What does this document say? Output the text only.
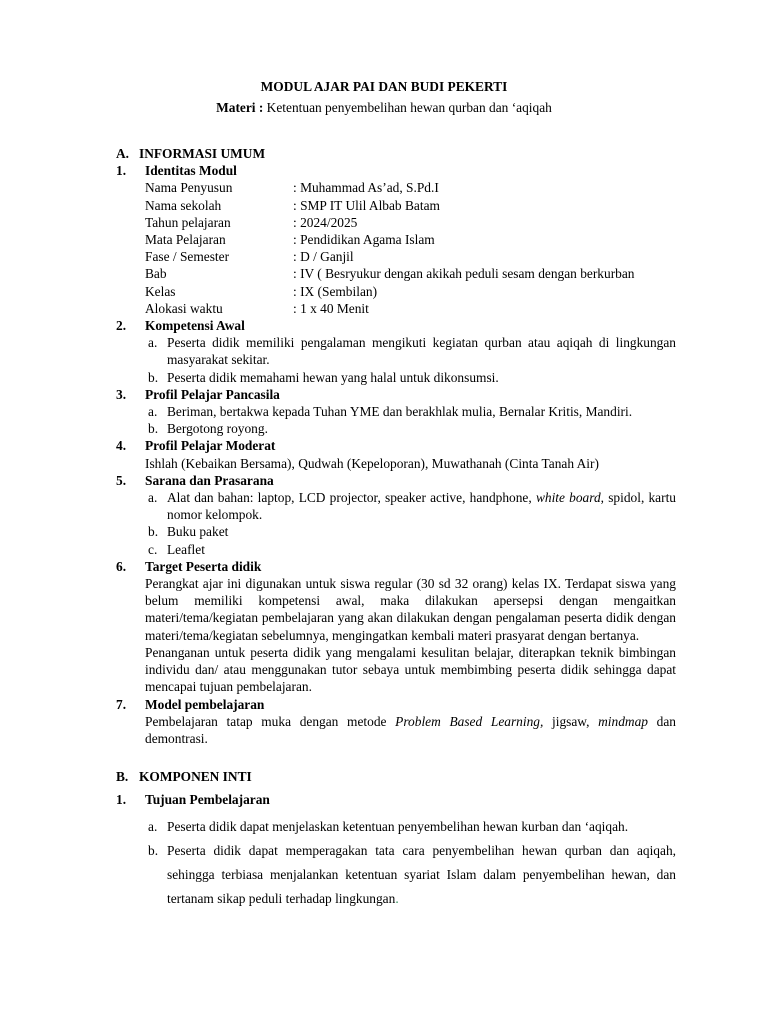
MODUL AJAR PAI DAN BUDI PEKERTI
Materi : Ketentuan penyembelihan hewan qurban dan ‘aqiqah
A. INFORMASI UMUM
1.	Identitas Modul
Nama Penyusun	: Muhammad As’ad, S.Pd.I
Nama sekolah	: SMP IT Ulil Albab Batam
Tahun pelajaran	: 2024/2025
Mata Pelajaran	: Pendidikan Agama Islam
Fase / Semester	: D / Ganjil
Bab	: IV ( Besryukur dengan akikah peduli sesam dengan berkurban
Kelas	: IX (Sembilan)
Alokasi waktu	: 1 x 40 Menit
2.	Kompetensi Awal
a. Peserta didik memiliki pengalaman mengikuti kegiatan qurban atau aqiqah di lingkungan masyarakat sekitar.
b. Peserta didik memahami hewan yang halal untuk dikonsumsi.
3.	Profil Pelajar Pancasila
a. Beriman, bertakwa kepada Tuhan YME dan berakhlak mulia, Bernalar Kritis, Mandiri.
b. Bergotong royong.
4.	Profil Pelajar Moderat
Ishlah (Kebaikan Bersama), Qudwah (Kepeloporan), Muwathanah (Cinta Tanah Air)
5.	Sarana dan Prasarana
a. Alat dan bahan: laptop, LCD projector, speaker active, handphone, white board, spidol, kartu nomor kelompok.
b. Buku paket
c. Leaflet
6.	Target Peserta didik
Perangkat ajar ini digunakan untuk siswa regular (30 sd 32 orang) kelas IX. Terdapat siswa yang belum memiliki kompetensi awal, maka dilakukan apersepsi dengan mengaitkan materi/tema/kegiatan pembelajaran yang akan dilakukan dengan pengalaman peserta didik dengan materi/tema/kegiatan sebelumnya, mengingatkan kembali materi prasyarat dengan bertanya.
Penanganan untuk peserta didik yang mengalami kesulitan belajar, diterapkan teknik bimbingan individu dan/ atau menggunakan tutor sebaya untuk membimbing peserta didik sehingga dapat mencapai tujuan pembelajaran.
7.	Model pembelajaran
Pembelajaran tatap muka dengan metode Problem Based Learning, jigsaw, mindmap dan demontrasi.
B. KOMPONEN INTI
1.	Tujuan Pembelajaran
a. Peserta didik dapat menjelaskan ketentuan penyembelihan hewan kurban dan ‘aqiqah.
b. Peserta didik dapat memperagakan tata cara penyembelihan hewan qurban dan aqiqah, sehingga terbiasa menjalankan ketentuan syariat Islam dalam penyembelihan hewan, dan tertanam sikap peduli terhadap lingkungan.
